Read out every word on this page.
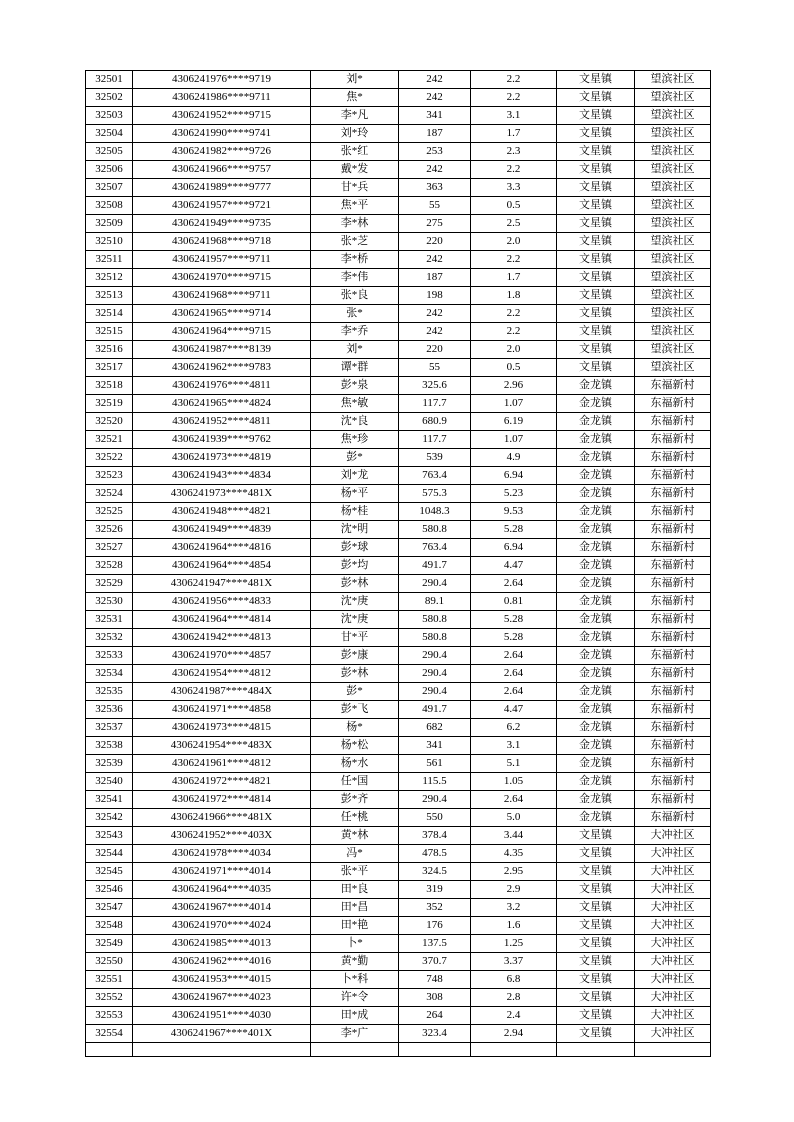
32501	4306241976****9719	刘*	242	2.2	文星镇	望滨社区
32502	4306241986****9711	焦*	242	2.2	文星镇	望滨社区
32503	4306241952****9715	李*凡	341	3.1	文星镇	望滨社区
32504	4306241990****9741	刘*玲	187	1.7	文星镇	望滨社区
32505	4306241982****9726	张*红	253	2.3	文星镇	望滨社区
32506	4306241966****9757	戴*发	242	2.2	文星镇	望滨社区
32507	4306241989****9777	甘*兵	363	3.3	文星镇	望滨社区
32508	4306241957****9721	焦*平	55	0.5	文星镇	望滨社区
32509	4306241949****9735	李*林	275	2.5	文星镇	望滨社区
32510	4306241968****9718	张*芝	220	2.0	文星镇	望滨社区
32511	4306241957****9711	李*桥	242	2.2	文星镇	望滨社区
32512	4306241970****9715	李*伟	187	1.7	文星镇	望滨社区
32513	4306241968****9711	张*良	198	1.8	文星镇	望滨社区
32514	4306241965****9714	张*	242	2.2	文星镇	望滨社区
32515	4306241964****9715	李*乔	242	2.2	文星镇	望滨社区
32516	4306241987****8139	刘*	220	2.0	文星镇	望滨社区
32517	4306241962****9783	谭*群	55	0.5	文星镇	望滨社区
32518	4306241976****4811	彭*泉	325.6	2.96	金龙镇	东福新村
32519	4306241965****4824	焦*敏	117.7	1.07	金龙镇	东福新村
32520	4306241952****4811	沈*良	680.9	6.19	金龙镇	东福新村
32521	4306241939****9762	焦*珍	117.7	1.07	金龙镇	东福新村
32522	4306241973****4819	彭*	539	4.9	金龙镇	东福新村
32523	4306241943****4834	刘*龙	763.4	6.94	金龙镇	东福新村
32524	4306241973****481X	杨*平	575.3	5.23	金龙镇	东福新村
32525	4306241948****4821	杨*桂	1048.3	9.53	金龙镇	东福新村
32526	4306241949****4839	沈*明	580.8	5.28	金龙镇	东福新村
32527	4306241964****4816	彭*球	763.4	6.94	金龙镇	东福新村
32528	4306241964****4854	彭*均	491.7	4.47	金龙镇	东福新村
32529	4306241947****481X	彭*林	290.4	2.64	金龙镇	东福新村
32530	4306241956****4833	沈*庚	89.1	0.81	金龙镇	东福新村
32531	4306241964****4814	沈*庚	580.8	5.28	金龙镇	东福新村
32532	4306241942****4813	甘*平	580.8	5.28	金龙镇	东福新村
32533	4306241970****4857	彭*康	290.4	2.64	金龙镇	东福新村
32534	4306241954****4812	彭*林	290.4	2.64	金龙镇	东福新村
32535	4306241987****484X	彭*	290.4	2.64	金龙镇	东福新村
32536	4306241971****4858	彭*飞	491.7	4.47	金龙镇	东福新村
32537	4306241973****4815	杨*	682	6.2	金龙镇	东福新村
32538	4306241954****483X	杨*松	341	3.1	金龙镇	东福新村
32539	4306241961****4812	杨*水	561	5.1	金龙镇	东福新村
32540	4306241972****4821	任*国	115.5	1.05	金龙镇	东福新村
32541	4306241972****4814	彭*齐	290.4	2.64	金龙镇	东福新村
32542	4306241966****481X	任*桃	550	5.0	金龙镇	东福新村
32543	4306241952****403X	黄*林	378.4	3.44	文星镇	大冲社区
32544	4306241978****4034	冯*	478.5	4.35	文星镇	大冲社区
32545	4306241971****4014	张*平	324.5	2.95	文星镇	大冲社区
32546	4306241964****4035	田*良	319	2.9	文星镇	大冲社区
32547	4306241967****4014	田*昌	352	3.2	文星镇	大冲社区
32548	4306241970****4024	田*艳	176	1.6	文星镇	大冲社区
32549	4306241985****4013	卜*	137.5	1.25	文星镇	大冲社区
32550	4306241962****4016	黄*勤	370.7	3.37	文星镇	大冲社区
32551	4306241953****4015	卜*科	748	6.8	文星镇	大冲社区
32552	4306241967****4023	许*令	308	2.8	文星镇	大冲社区
32553	4306241951****4030	田*成	264	2.4	文星镇	大冲社区
32554	4306241967****401X	李*广	323.4	2.94	文星镇	大冲社区
